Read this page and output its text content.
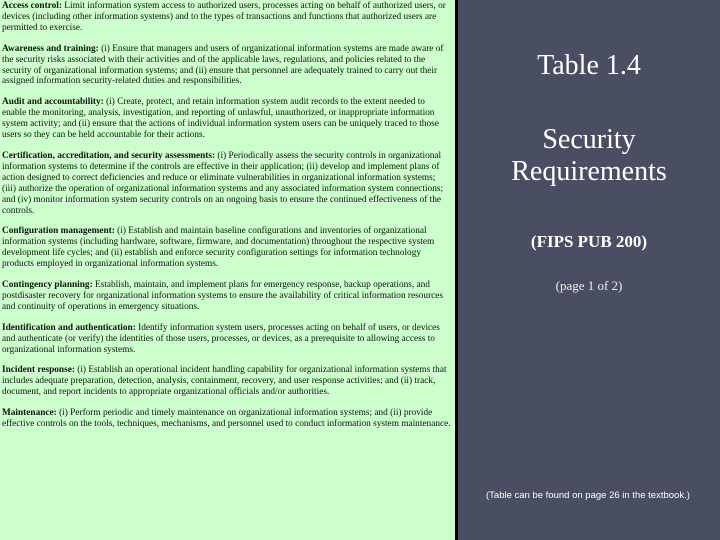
Access control: Limit information system access to authorized users, processes acting on behalf of authorized users, or devices (including other information systems) and to the types of transactions and functions that authorized users are permitted to exercise.

Awareness and training: (i) Ensure that managers and users of organizational information systems are made aware of the security risks associated with their activities and of the applicable laws, regulations, and policies related to the security of organizational information systems; and (ii) ensure that personnel are adequately trained to carry out their assigned information security-related duties and responsibilities.

Audit and accountability: (i) Create, protect, and retain information system audit records to the extent needed to enable the monitoring, analysis, investigation, and reporting of unlawful, unauthorized, or inappropriate information system activity; and (ii) ensure that the actions of individual information system users can be uniquely traced to those users so they can be held accountable for their actions.

Certification, accreditation, and security assessments: (i) Periodically assess the security controls in organizational information systems to determine if the controls are effective in their application; (ii) develop and implement plans of action designed to correct deficiencies and reduce or eliminate vulnerabilities in organizational information systems; (iii) authorize the operation of organizational information systems and any associated information system connections; and (iv) monitor information system security controls on an ongoing basis to ensure the continued effectiveness of the controls.

Configuration management: (i) Establish and maintain baseline configurations and inventories of organizational information systems (including hardware, software, firmware, and documentation) throughout the respective system development life cycles; and (ii) establish and enforce security configuration settings for information technology products employed in organizational information systems.

Contingency planning: Establish, maintain, and implement plans for emergency response, backup operations, and postdisaster recovery for organizational information systems to ensure the availability of critical information resources and continuity of operations in emergency situations.

Identification and authentication: Identify information system users, processes acting on behalf of users, or devices and authenticate (or verify) the identities of those users, processes, or devices, as a prerequisite to allowing access to organizational information systems.

Incident response: (i) Establish an operational incident handling capability for organizational information systems that includes adequate preparation, detection, analysis, containment, recovery, and user response activities; and (ii) track, document, and report incidents to appropriate organizational officials and/or authorities.

Maintenance: (i) Perform periodic and timely maintenance on organizational information systems; and (ii) provide effective controls on the tools, techniques, mechanisms, and personnel used to conduct information system maintenance.

Table 1.4
Security
Requirements
(FIPS PUB 200)
(page 1 of 2)
(Table can be found on page 26 in the textbook.)
